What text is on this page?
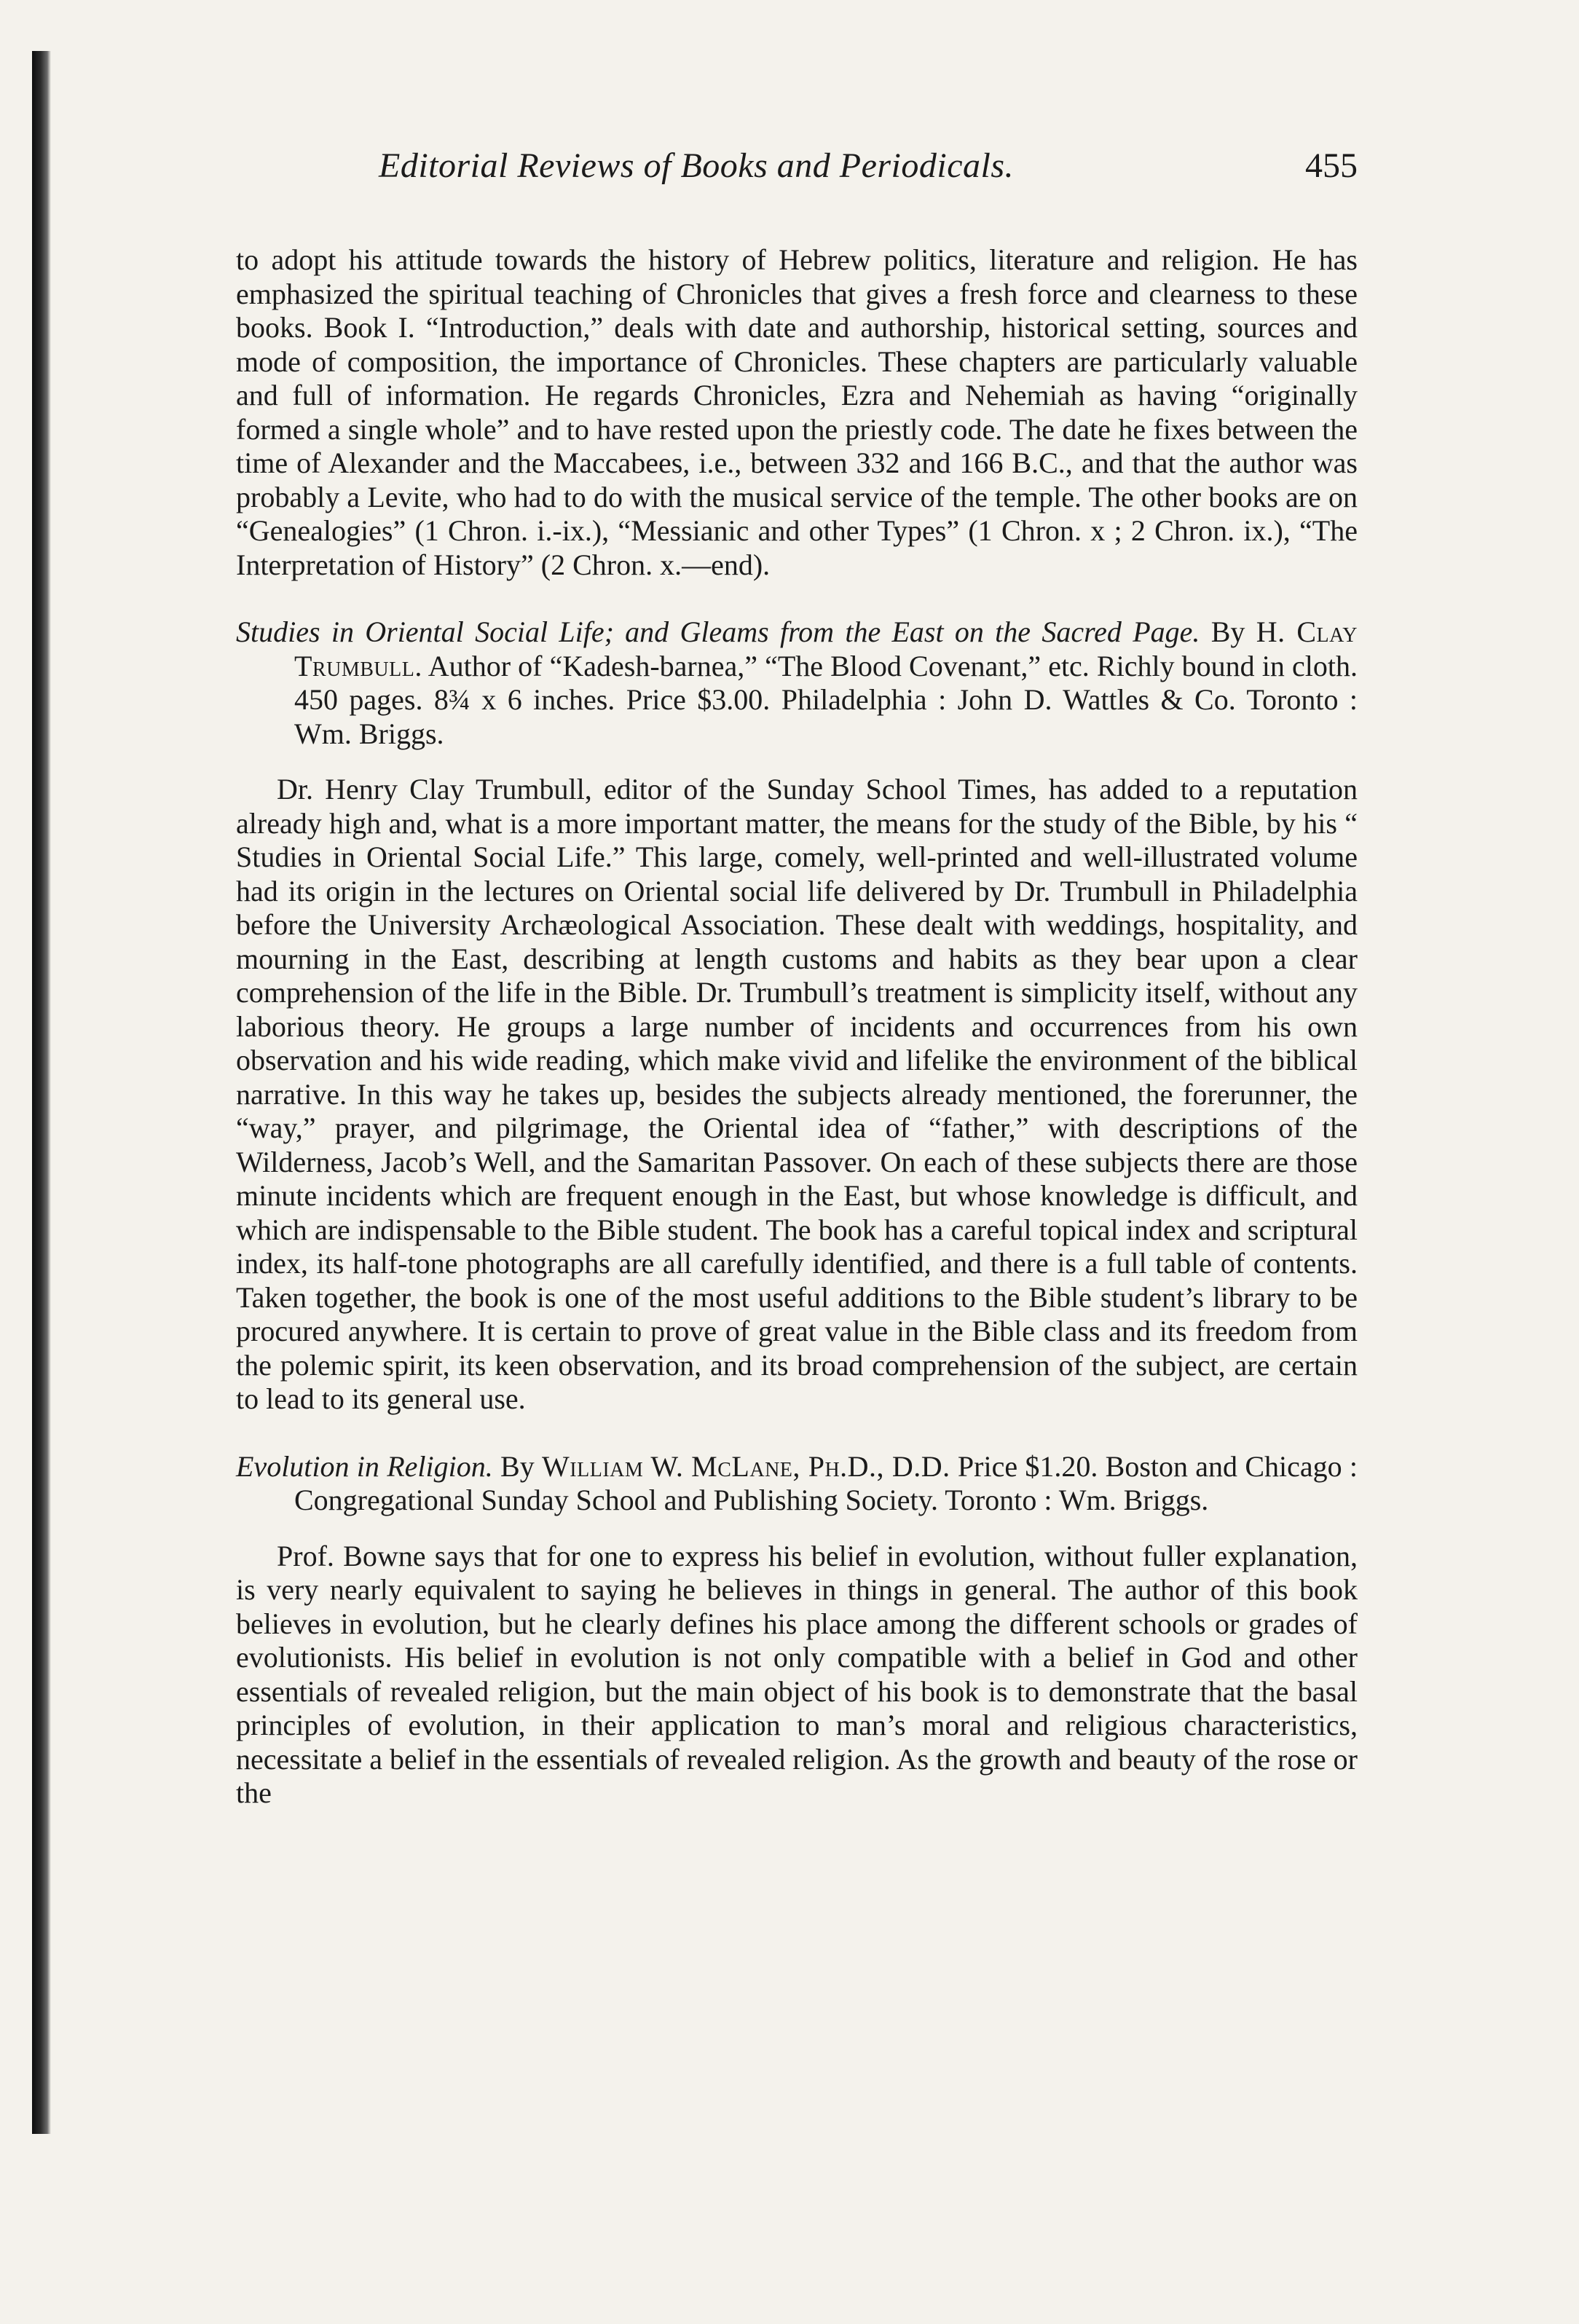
Editorial Reviews of Books and Periodicals.	455

to adopt his attitude towards the history of Hebrew politics, literature and religion. He has emphasized the spiritual teaching of Chronicles that gives a fresh force and clearness to these books. Book I. “Introduction,” deals with date and authorship, historical setting, sources and mode of composition, the importance of Chronicles. These chapters are particularly valuable and full of information. He regards Chronicles, Ezra and Nehemiah as having “originally formed a single whole” and to have rested upon the priestly code. The date he fixes between the time of Alexander and the Maccabees, i.e., between 332 and 166 B.C., and that the author was probably a Levite, who had to do with the musical service of the temple. The other books are on “Genealogies” (1 Chron. i.-ix.), “Messianic and other Types” (1 Chron. x ; 2 Chron. ix.), “The Interpretation of History” (2 Chron. x.—end).

Studies in Oriental Social Life; and Gleams from the East on the Sacred Page. By H. Clay Trumbull. Author of “Kadesh-barnea,” “The Blood Covenant,” etc. Richly bound in cloth. 450 pages. 8¾ x 6 inches. Price $3.00. Philadelphia : John D. Wattles & Co. Toronto : Wm. Briggs.

Dr. Henry Clay Trumbull, editor of the Sunday School Times, has added to a reputation already high and, what is a more important matter, the means for the study of the Bible, by his “ Studies in Oriental Social Life.” This large, comely, well-printed and well-illustrated volume had its origin in the lectures on Oriental social life delivered by Dr. Trumbull in Philadelphia before the University Archæological Association. These dealt with weddings, hospitality, and mourning in the East, describing at length customs and habits as they bear upon a clear comprehension of the life in the Bible. Dr. Trumbull’s treatment is simplicity itself, without any laborious theory. He groups a large number of incidents and occurrences from his own observation and his wide reading, which make vivid and lifelike the environment of the biblical narrative. In this way he takes up, besides the subjects already mentioned, the forerunner, the “way,” prayer, and pilgrimage, the Oriental idea of “father,” with descriptions of the Wilderness, Jacob’s Well, and the Samaritan Passover. On each of these subjects there are those minute incidents which are frequent enough in the East, but whose knowledge is difficult, and which are indispensable to the Bible student. The book has a careful topical index and scriptural index, its half-tone photographs are all carefully identified, and there is a full table of contents. Taken together, the book is one of the most useful additions to the Bible student’s library to be procured anywhere. It is certain to prove of great value in the Bible class and its freedom from the polemic spirit, its keen observation, and its broad comprehension of the subject, are certain to lead to its general use.

Evolution in Religion. By William W. McLane, Ph.D., D.D. Price $1.20. Boston and Chicago : Congregational Sunday School and Publishing Society. Toronto : Wm. Briggs.

Prof. Bowne says that for one to express his belief in evolution, without fuller explanation, is very nearly equivalent to saying he believes in things in general. The author of this book believes in evolution, but he clearly defines his place among the different schools or grades of evolutionists. His belief in evolution is not only compatible with a belief in God and other essentials of revealed religion, but the main object of his book is to demonstrate that the basal principles of evolution, in their application to man’s moral and religious characteristics, necessitate a belief in the essentials of revealed religion. As the growth and beauty of the rose or the
